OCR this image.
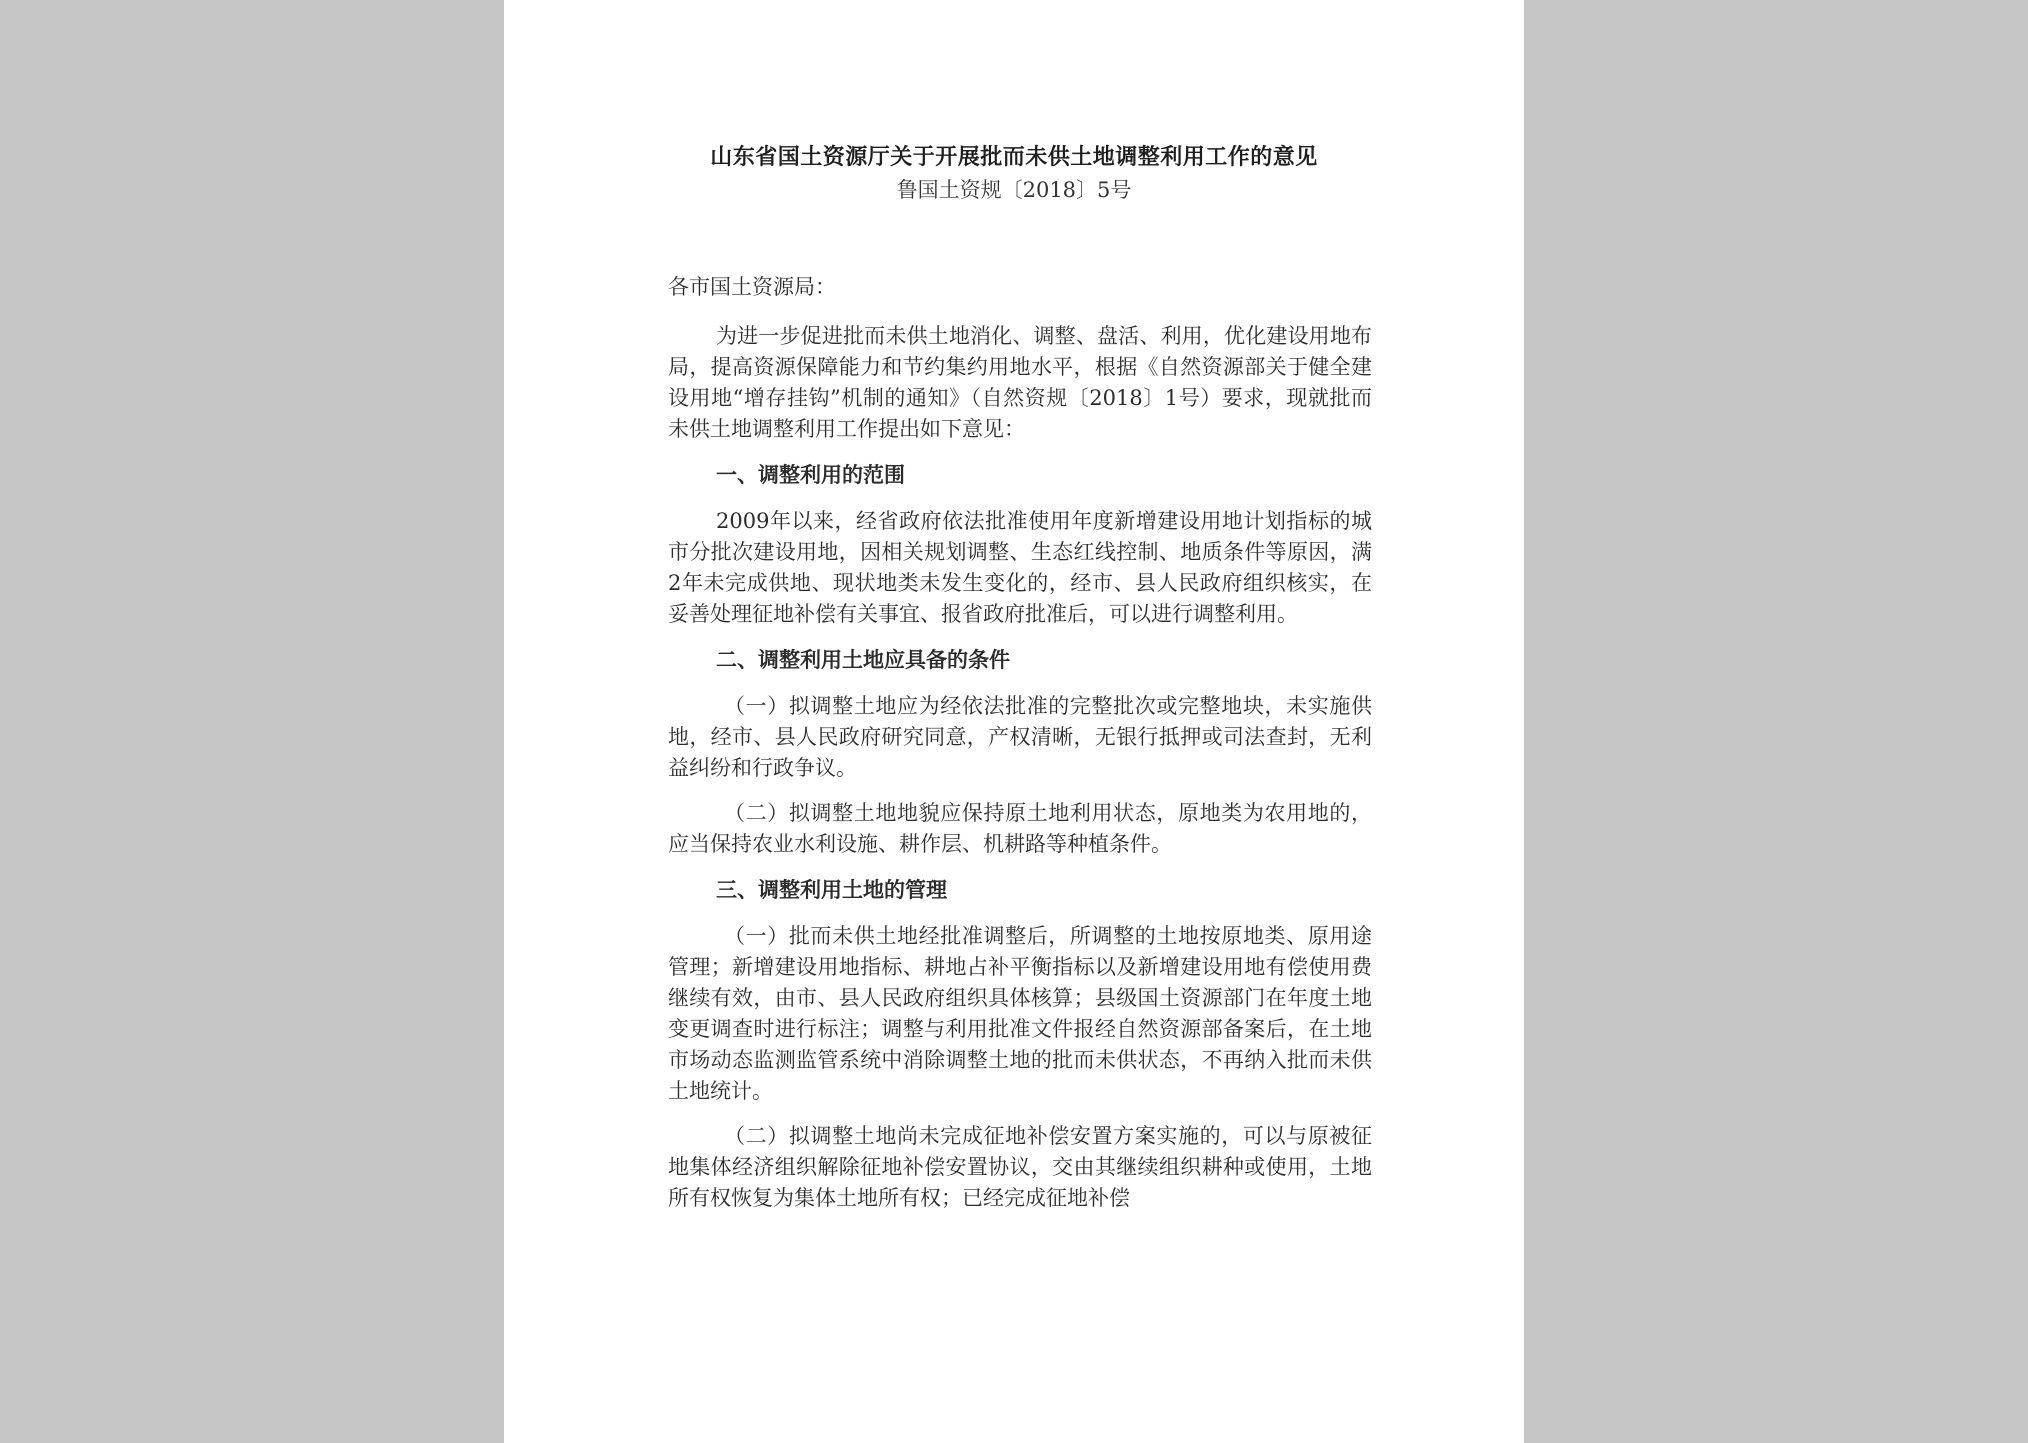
山东省国土资源厅关于开展批而未供土地调整利用工作的意见
鲁国土资规〔2018〕5号

各市国土资源局：

为进一步促进批而未供土地消化、调整、盘活、利用，优化建设用地布局，提高资源保障能力和节约集约用地水平，根据《自然资源部关于健全建设用地“增存挂钩”机制的通知》（自然资规〔2018〕1号）要求，现就批而未供土地调整利用工作提出如下意见：

一、调整利用的范围

2009年以来，经省政府依法批准使用年度新增建设用地计划指标的城市分批次建设用地，因相关规划调整、生态红线控制、地质条件等原因，满2年未完成供地、现状地类未发生变化的，经市、县人民政府组织核实，在妥善处理征地补偿有关事宜、报省政府批准后，可以进行调整利用。

二、调整利用土地应具备的条件

（一）拟调整土地应为经依法批准的完整批次或完整地块，未实施供地，经市、县人民政府研究同意，产权清晰，无银行抵押或司法查封，无利益纠纷和行政争议。

（二）拟调整土地地貌应保持原土地利用状态，原地类为农用地的，应当保持农业水利设施、耕作层、机耕路等种植条件。

三、调整利用土地的管理

（一）批而未供土地经批准调整后，所调整的土地按原地类、原用途管理；新增建设用地指标、耕地占补平衡指标以及新增建设用地有偿使用费继续有效，由市、县人民政府组织具体核算；县级国土资源部门在年度土地变更调查时进行标注；调整与利用批准文件报经自然资源部备案后，在土地市场动态监测监管系统中消除调整土地的批而未供状态，不再纳入批而未供土地统计。

（二）拟调整土地尚未完成征地补偿安置方案实施的，可以与原被征地集体经济组织解除征地补偿安置协议，交由其继续组织耕种或使用，土地所有权恢复为集体土地所有权；已经完成征地补偿
